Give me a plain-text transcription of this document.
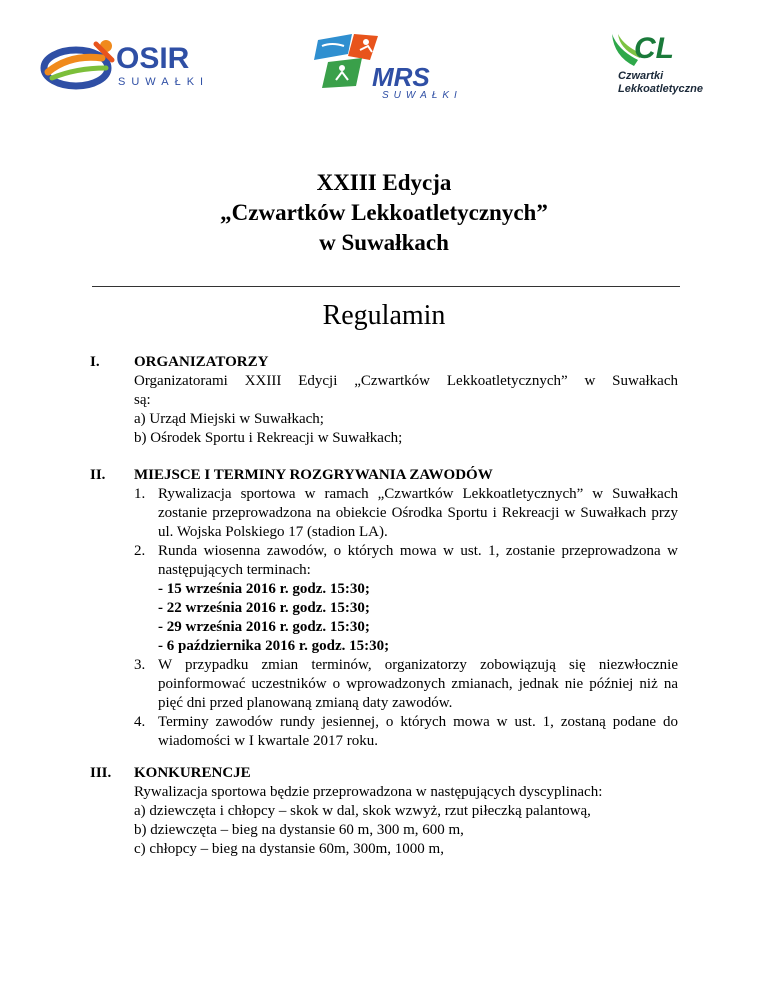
OSIR
SUWAŁKI	MRS
SUWAŁKI
CL
Czwartki
Lekkoatletyczne
XXIII Edycja
„Czwartków Lekkoatletycznych”
w Suwałkach
Regulamin
I. ORGANIZATORZY
Organizatorami XXIII Edycji „Czwartków Lekkoatletycznych” w Suwałkach
są:
a) Urząd Miejski w Suwałkach;
b) Ośrodek Sportu i Rekreacji w Suwałkach;
II. MIEJSCE I TERMINY ROZGRYWANIA ZAWODÓW
1. Rywalizacja sportowa w ramach „Czwartków Lekkoatletycznych” w Suwałkach zostanie przeprowadzona na obiekcie Ośrodka Sportu i Rekreacji w Suwałkach przy ul. Wojska Polskiego 17 (stadion LA).
2. Runda wiosenna zawodów, o których mowa w ust. 1, zostanie przeprowadzona w następujących terminach:
- 15 września 2016 r. godz. 15:30;
- 22 września 2016 r. godz. 15:30;
- 29 września 2016 r. godz. 15:30;
- 6 października 2016 r. godz. 15:30;
3. W przypadku zmian terminów, organizatorzy zobowiązują się niezwłocznie poinformować uczestników o wprowadzonych zmianach, jednak nie później niż na pięć dni przed planowaną zmianą daty zawodów.
4. Terminy zawodów rundy jesiennej, o których mowa w ust. 1, zostaną podane do wiadomości w I kwartale 2017 roku.
III. KONKURENCJE
Rywalizacja sportowa będzie przeprowadzona w następujących dyscyplinach:
a) dziewczęta i chłopcy – skok w dal, skok wzwyż, rzut piłeczką palantową,
b) dziewczęta – bieg na dystansie 60 m, 300 m, 600 m,
c) chłopcy – bieg na dystansie 60m, 300m, 1000 m,
